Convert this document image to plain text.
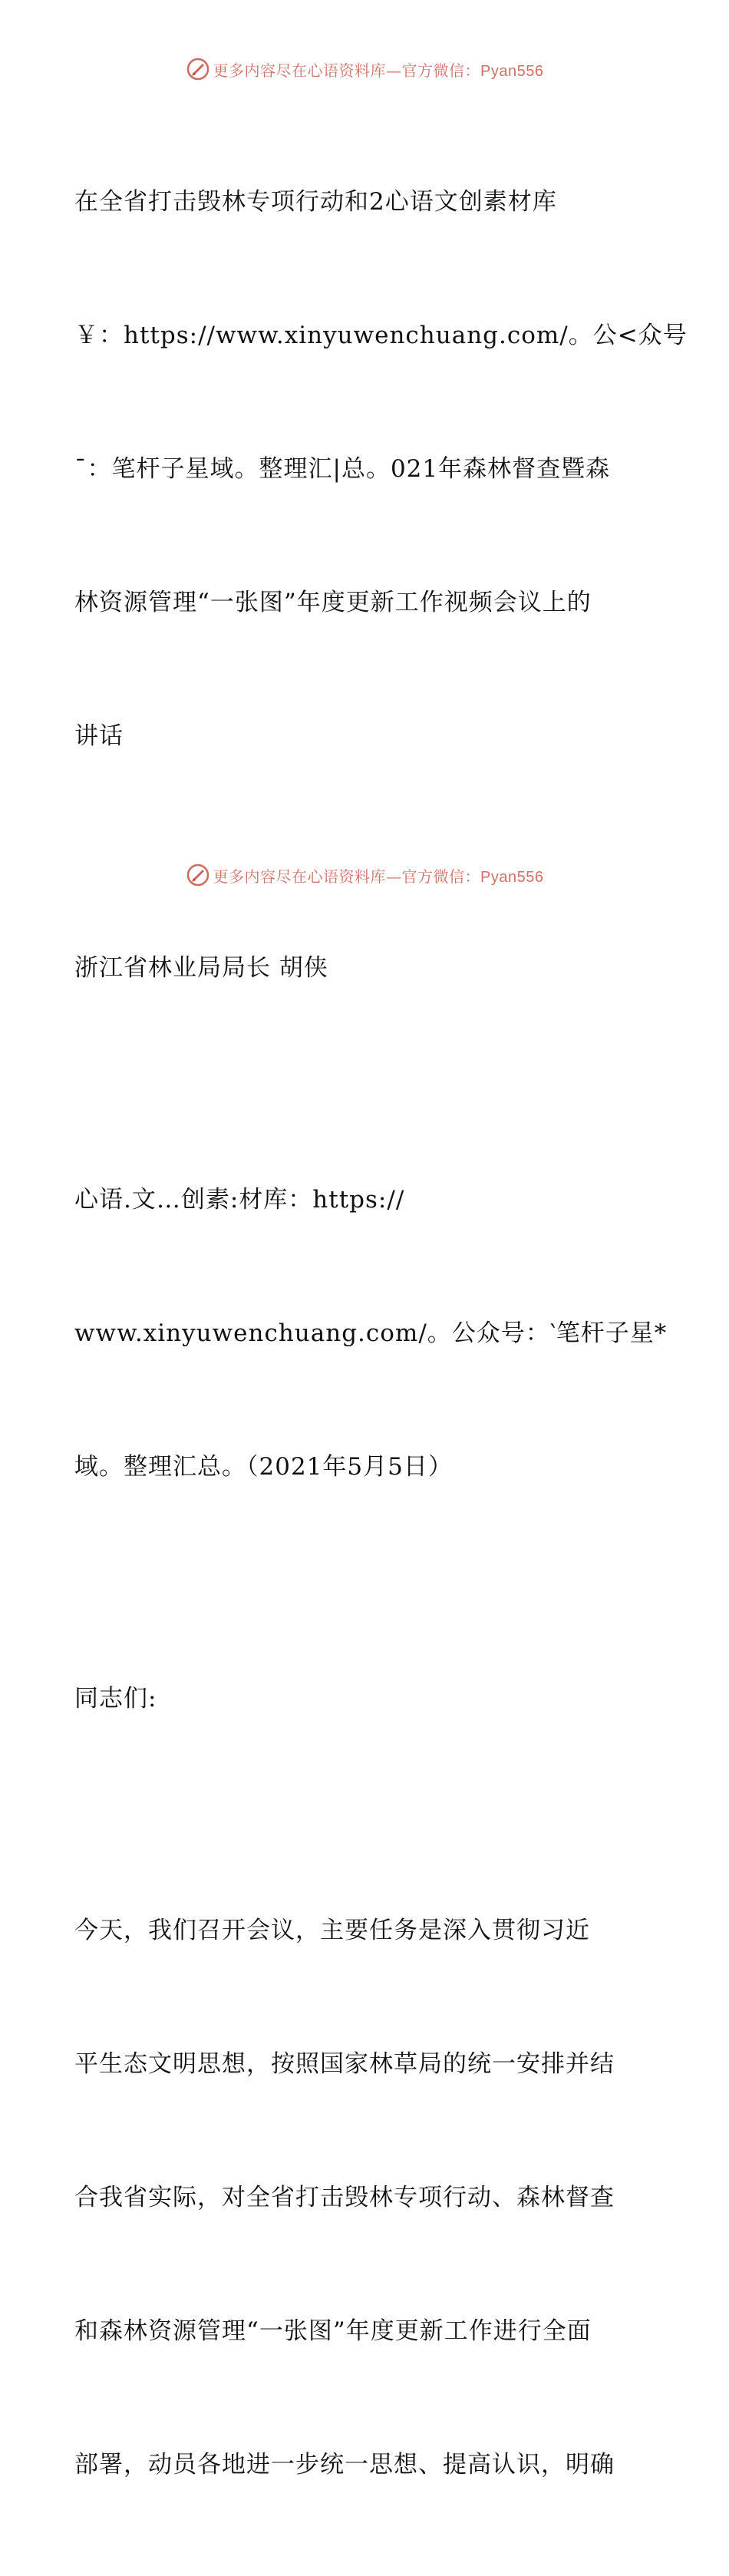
更多内容尽在心语资料库—官方微信：Pyan556

在全省打击毁林专项行动和2心语文创素材库

￥：https://www.xinyuwenchuang.com/。公<众号

ˉ：笔杆子星域。整理汇|总。021年森林督查暨森

林资源管理“一张图”年度更新工作视频会议上的

讲话

浙江省林业局局长 胡侠

心语.文…创素:材库：https://

www.xinyuwenchuang.com/。公众号：‵笔杆子星*

域。整理汇总。（2021年5月5日）

同志们:

今天，我们召开会议，主要任务是深入贯彻习近

平生态文明思想，按照国家林草局的统一安排并结

合我省实际，对全省打击毁林专项行动、森林督查

和森林资源管理“一张图”年度更新工作进行全面

部署，动员各地进一步统一思想、提高认识，明确

更多内容尽在心语资料库—官方微信：Pyan556
